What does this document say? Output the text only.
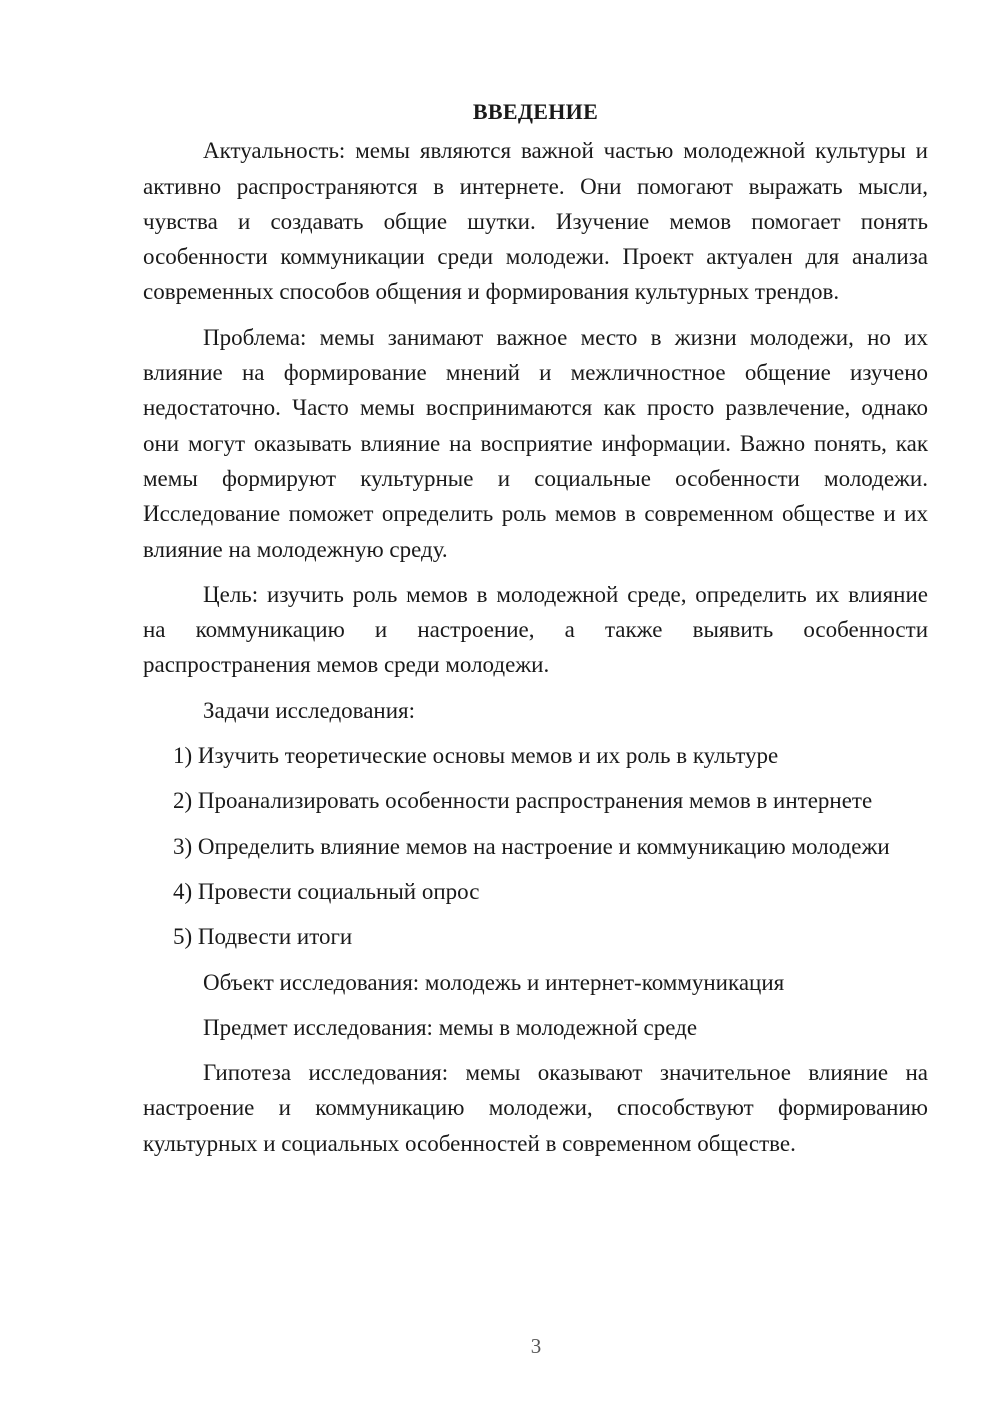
ВВЕДЕНИЕ

Актуальность: мемы являются важной частью молодежной культуры и активно распространяются в интернете. Они помогают выражать мысли, чувства и создавать общие шутки. Изучение мемов помогает понять особенности коммуникации среди молодежи. Проект актуален для анализа современных способов общения и формирования культурных трендов.

Проблема: мемы занимают важное место в жизни молодежи, но их влияние на формирование мнений и межличностное общение изучено недостаточно. Часто мемы воспринимаются как просто развлечение, однако они могут оказывать влияние на восприятие информации. Важно понять, как мемы формируют культурные и социальные особенности молодежи. Исследование поможет определить роль мемов в современном обществе и их влияние на молодежную среду.

Цель: изучить роль мемов в молодежной среде, определить их влияние на коммуникацию и настроение, а также выявить особенности распространения мемов среди молодежи.

Задачи исследования:

1) Изучить теоретические основы мемов и их роль в культуре

2) Проанализировать особенности распространения мемов в интернете

3) Определить влияние мемов на настроение и коммуникацию молодежи

4) Провести социальный опрос

5) Подвести итоги

Объект исследования: молодежь и интернет-коммуникация

Предмет исследования: мемы в молодежной среде

Гипотеза исследования: мемы оказывают значительное влияние на настроение и коммуникацию молодежи, способствуют формированию культурных и социальных особенностей в современном обществе.

3
